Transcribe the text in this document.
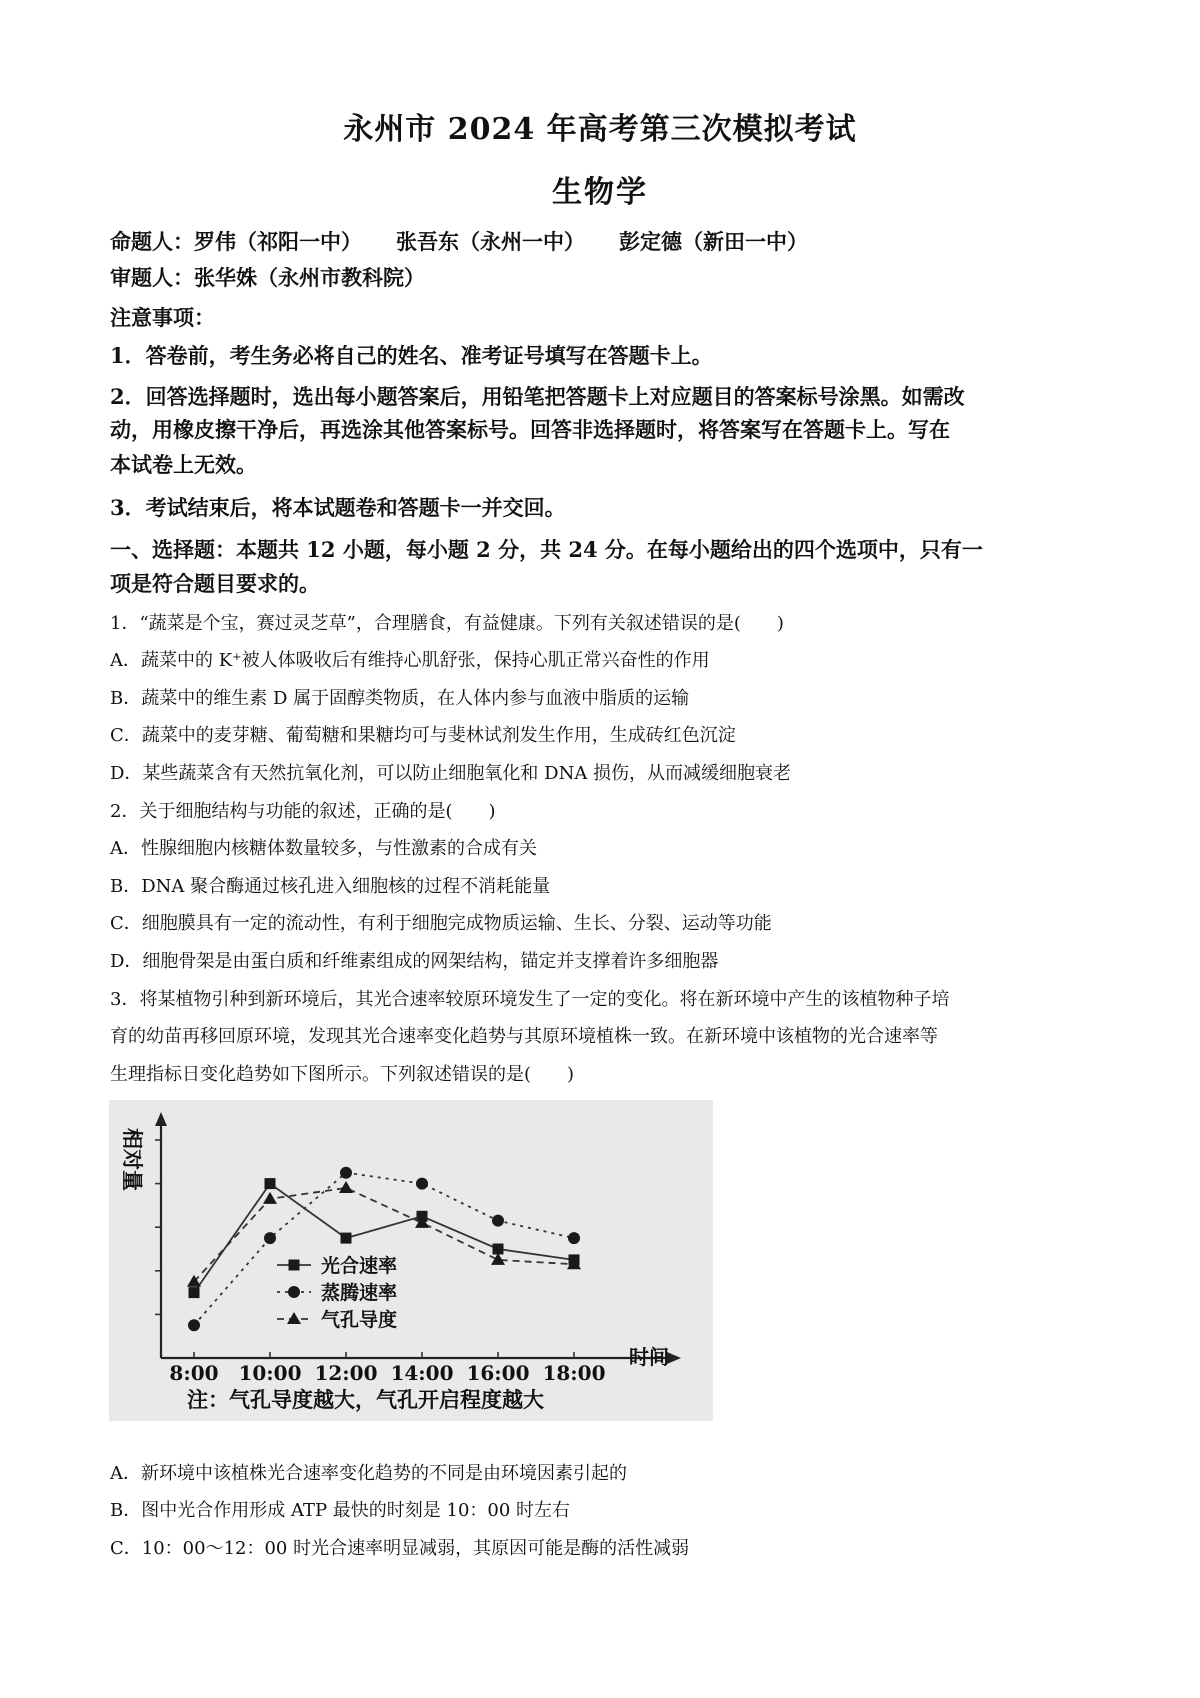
永州市 2024 年高考第三次模拟考试
生物学
命题人：罗伟（祁阳一中） 张吾东（永州一中） 彭定德（新田一中）
审题人：张华姝（永州市教科院）
注意事项：
1．答卷前，考生务必将自己的姓名、准考证号填写在答题卡上。
2．回答选择题时，选出每小题答案后，用铅笔把答题卡上对应题目的答案标号涂黑。如需改
动，用橡皮擦干净后，再选涂其他答案标号。回答非选择题时，将答案写在答题卡上。写在
本试卷上无效。
3．考试结束后，将本试题卷和答题卡一并交回。
一、选择题：本题共 12 小题，每小题 2 分，共 24 分。在每小题给出的四个选项中，只有一
项是符合题目要求的。
1．“蔬菜是个宝，赛过灵芝草”，合理膳食，有益健康。下列有关叙述错误的是(　　)
A．蔬菜中的 K⁺被人体吸收后有维持心肌舒张，保持心肌正常兴奋性的作用
B．蔬菜中的维生素 D 属于固醇类物质，在人体内参与血液中脂质的运输
C．蔬菜中的麦芽糖、葡萄糖和果糖均可与斐林试剂发生作用，生成砖红色沉淀
D．某些蔬菜含有天然抗氧化剂，可以防止细胞氧化和 DNA 损伤，从而减缓细胞衰老
2．关于细胞结构与功能的叙述，正确的是(　　)
A．性腺细胞内核糖体数量较多，与性激素的合成有关
B．DNA 聚合酶通过核孔进入细胞核的过程不消耗能量
C．细胞膜具有一定的流动性，有利于细胞完成物质运输、生长、分裂、运动等功能
D．细胞骨架是由蛋白质和纤维素组成的网架结构，锚定并支撑着许多细胞器
3．将某植物引种到新环境后，其光合速率较原环境发生了一定的变化。将在新环境中产生的该植物种子培
育的幼苗再移回原环境，发现其光合速率变化趋势与其原环境植株一致。在新环境中该植物的光合速率等
生理指标日变化趋势如下图所示。下列叙述错误的是(　　)
8:00 10:00 12:00 14:00 16:00 18:00
光合速率
蒸腾速率
气孔导度
相对量
时间
注：气孔导度越大，气孔开启程度越大
A．新环境中该植株光合速率变化趋势的不同是由环境因素引起的
B．图中光合作用形成 ATP 最快的时刻是 10：00 时左右
C．10：00～12：00 时光合速率明显减弱，其原因可能是酶的活性减弱
